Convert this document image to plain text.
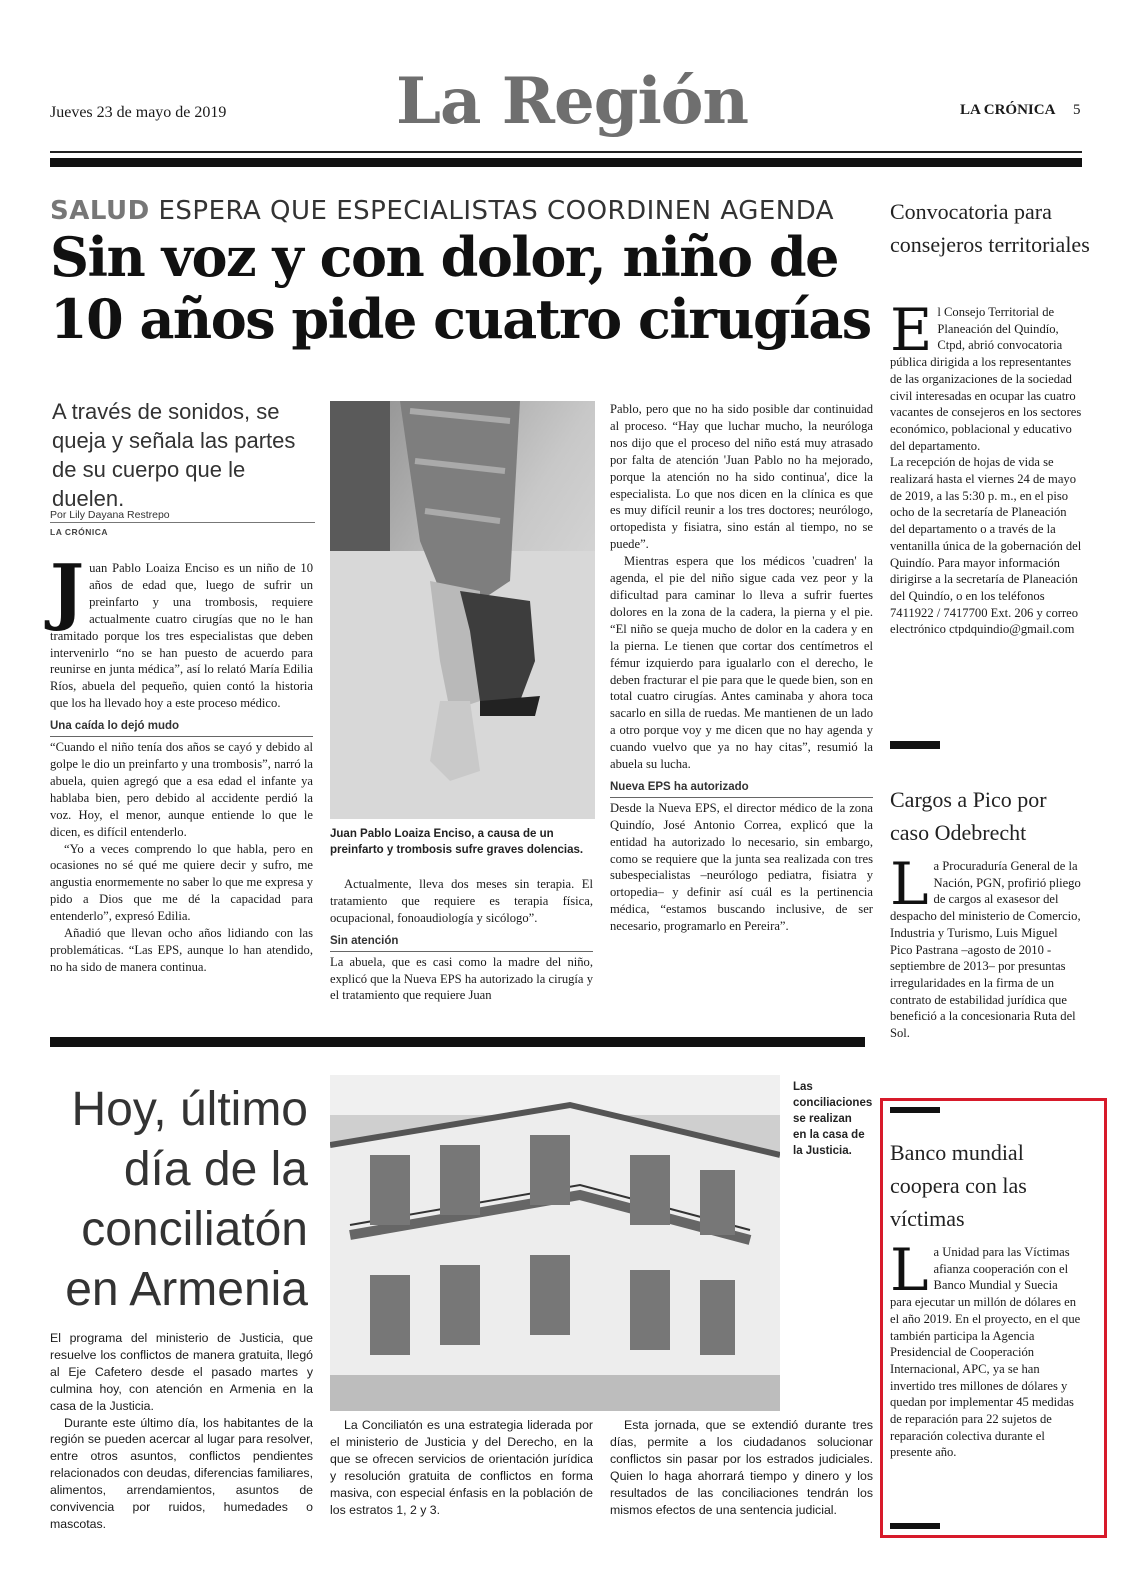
Jueves 23 de mayo de 2019	La Región	LA CRÓNICA 5
SALUD ESPERA QUE ESPECIALISTAS COORDINEN AGENDA
Sin voz y con dolor, niño de
10 años pide cuatro cirugías
A través de sonidos, se queja y señala las partes de su cuerpo que le duelen.
Por Lily Dayana Restrepo
LA CRÓNICA

Juan Pablo Loaiza Enciso es un niño de 10 años de edad que, luego de sufrir un preinfarto y una trombosis, requiere actualmente cuatro cirugías que no le han tramitado porque los tres especialistas que deben intervenirlo “no se han puesto de acuerdo para reunirse en junta médica”, así lo relató María Edilia Ríos, abuela del pequeño, quien contó la historia que los ha llevado hoy a este proceso médico.

Una caída lo dejó mudo

“Cuando el niño tenía dos años se cayó y debido al golpe le dio un preinfarto y una trombosis”, narró la abuela, quien agregó que a esa edad el infante ya hablaba bien, pero debido al accidente perdió la voz. Hoy, el menor, aunque entiende lo que le dicen, es difícil entenderlo.

“Yo a veces comprendo lo que habla, pero en ocasiones no sé qué me quiere decir y sufro, me angustia enormemente no saber lo que me expresa y pido a Dios que me dé la capacidad para entenderlo”, expresó Edilia.

Añadió que llevan ocho años lidiando con las problemáticas. “Las EPS, aunque lo han atendido, no ha sido de manera continua.

Juan Pablo Loaiza Enciso, a causa de un preinfarto y trombosis sufre graves dolencias.

Actualmente, lleva dos meses sin terapia. El tratamiento que requiere es terapia física, ocupacional, fonoaudiología y sicólogo”.

Sin atención

La abuela, que es casi como la madre del niño, explicó que la Nueva EPS ha autorizado la cirugía y el tratamiento que requiere Juan

Pablo, pero que no ha sido posible dar continuidad al proceso. “Hay que luchar mucho, la neuróloga nos dijo que el proceso del niño está muy atrasado por falta de atención 'Juan Pablo no ha mejorado, porque la atención no ha sido continua', dice la especialista. Lo que nos dicen en la clínica es que es muy difícil reunir a los tres doctores; neurólogo, ortopedista y fisiatra, sino están al tiempo, no se puede”.

Mientras espera que los médicos 'cuadren' la agenda, el pie del niño sigue cada vez peor y la dificultad para caminar lo lleva a sufrir fuertes dolores en la zona de la cadera, la pierna y el pie. “El niño se queja mucho de dolor en la cadera y en la pierna. Le tienen que cortar dos centímetros el fémur izquierdo para igualarlo con el derecho, le deben fracturar el pie para que le quede bien, son en total cuatro cirugías. Antes caminaba y ahora toca sacarlo en silla de ruedas. Me mantienen de un lado a otro porque voy y me dicen que no hay agenda y cuando vuelvo que ya no hay citas”, resumió la abuela su lucha.

Nueva EPS ha autorizado

Desde la Nueva EPS, el director médico de la zona Quindío, José Antonio Correa, explicó que la entidad ha autorizado lo necesario, sin embargo, como se requiere que la junta sea realizada con tres subespecialistas –neurólogo pediatra, fisiatra y ortopedia– y definir así cuál es la pertinencia médica, “estamos buscando inclusive, de ser necesario, programarlo en Pereira”.

Convocatoria para consejeros territoriales

El Consejo Territorial de Planeación del Quindío, Ctpd, abrió convocatoria pública dirigida a los representantes de las organizaciones de la sociedad civil interesadas en ocupar las cuatro vacantes de consejeros en los sectores económico, poblacional y educativo del departamento.

La recepción de hojas de vida se realizará hasta el viernes 24 de mayo de 2019, a las 5:30 p. m., en el piso ocho de la secretaría de Planeación del departamento o a través de la ventanilla única de la gobernación del Quindío. Para mayor información dirigirse a la secretaría de Planeación del Quindío, o en los teléfonos 7411922 / 7417700 Ext. 206 y correo electrónico ctpdquindio@gmail.com

Cargos a Pico por caso Odebrecht

La Procuraduría General de la Nación, PGN, profirió pliego de cargos al exasesor del despacho del ministerio de Comercio, Industria y Turismo, Luis Miguel Pico Pastrana –agosto de 2010 - septiembre de 2013– por presuntas irregularidades en la firma de un contrato de estabilidad jurídica que benefició a la concesionaria Ruta del Sol.

Banco mundial coopera con las víctimas

La Unidad para las Víctimas afianza cooperación con el Banco Mundial y Suecia para ejecutar un millón de dólares en el año 2019. En el proyecto, en el que también participa la Agencia Presidencial de Cooperación Internacional, APC, ya se han invertido tres millones de dólares y quedan por implementar 45 medidas de reparación para 22 sujetos de reparación colectiva durante el presente año.

Hoy, último día de la conciliatón en Armenia
Las conciliaciones se realizan en la casa de la Justicia.

El programa del ministerio de Justicia, que resuelve los conflictos de manera gratuita, llegó al Eje Cafetero desde el pasado martes y culmina hoy, con atención en Armenia en la casa de la Justicia.

Durante este último día, los habitantes de la región se pueden acercar al lugar para resolver, entre otros asuntos, conflictos pendientes relacionados con deudas, diferencias familiares, alimentos, arrendamientos, asuntos de convivencia por ruidos, humedades o mascotas.

La Conciliatón es una estrategia liderada por el ministerio de Justicia y del Derecho, en la que se ofrecen servicios de orientación jurídica y resolución gratuita de conflictos en forma masiva, con especial énfasis en la población de los estratos 1, 2 y 3.

Esta jornada, que se extendió durante tres días, permite a los ciudadanos solucionar conflictos sin pasar por los estrados judiciales. Quien lo haga ahorrará tiempo y dinero y los resultados de las conciliaciones tendrán los mismos efectos de una sentencia judicial.
